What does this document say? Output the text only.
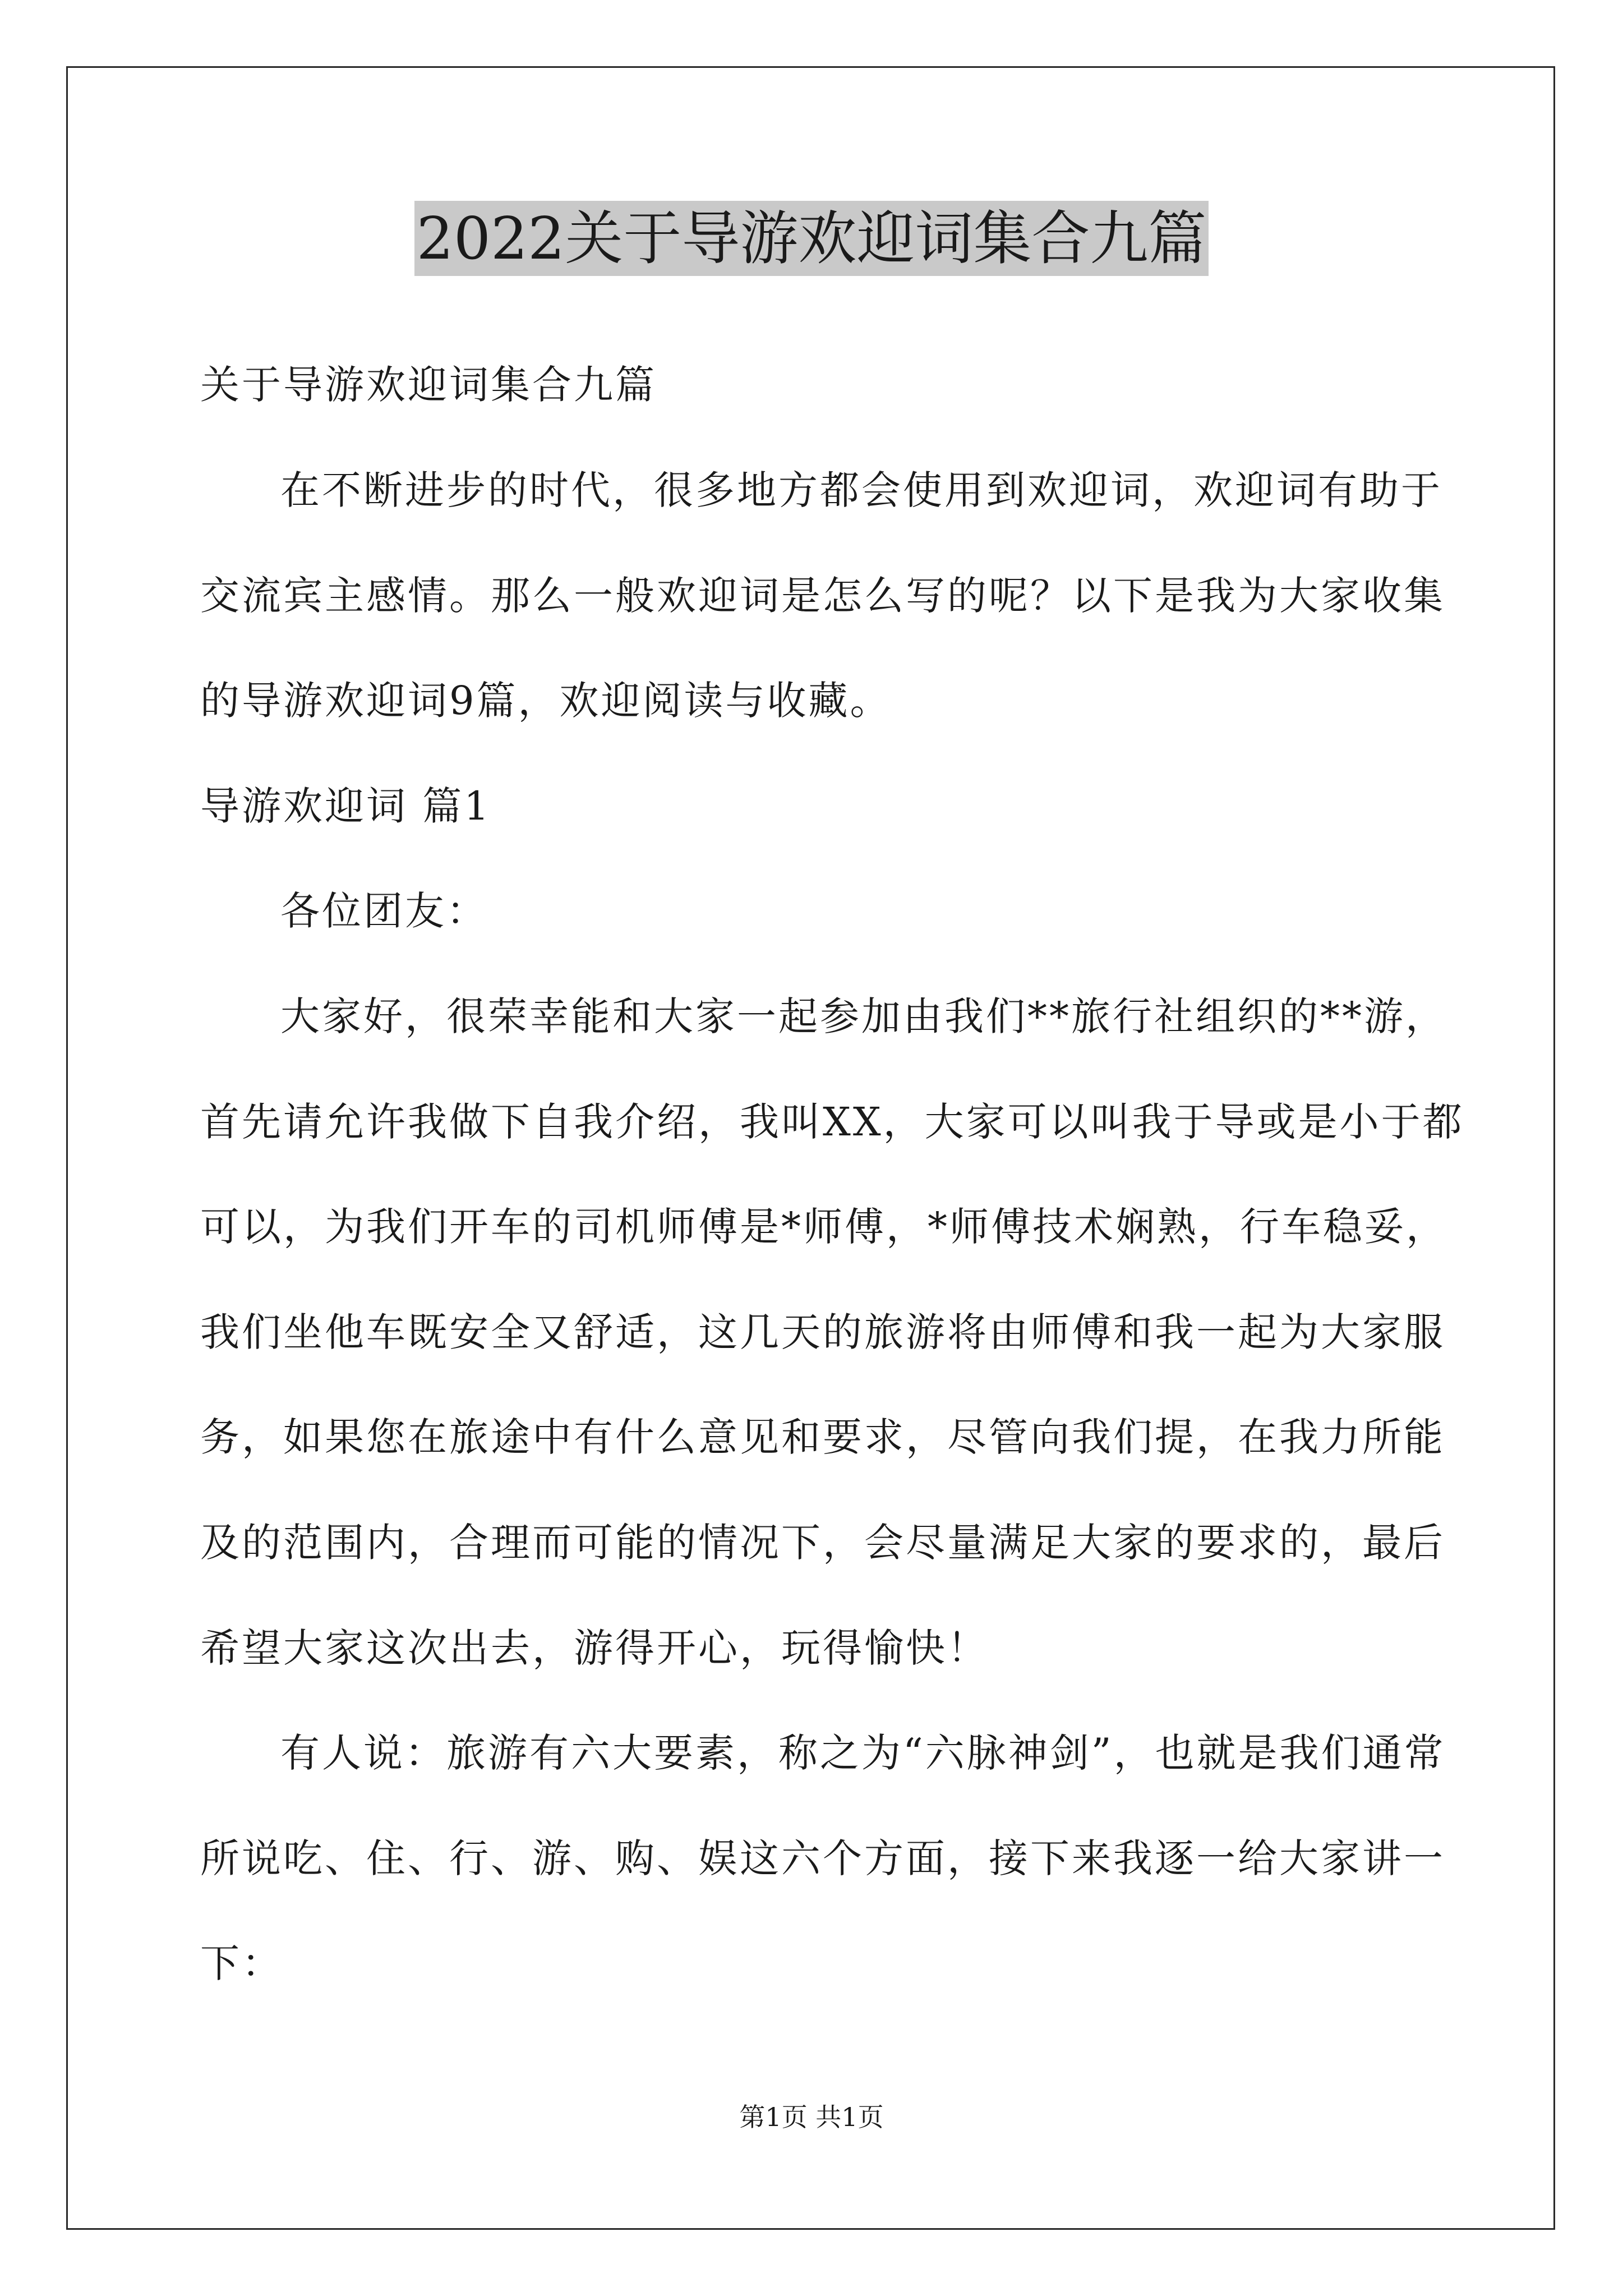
2022关于导游欢迎词集合九篇
关于导游欢迎词集合九篇
在不断进步的时代，很多地方都会使用到欢迎词，欢迎词有助于
交流宾主感情。那么一般欢迎词是怎么写的呢？以下是我为大家收集
的导游欢迎词9篇，欢迎阅读与收藏。
导游欢迎词 篇1
各位团友：
大家好，很荣幸能和大家一起参加由我们**旅行社组织的**游，
首先请允许我做下自我介绍，我叫XX，大家可以叫我于导或是小于都
可以，为我们开车的司机师傅是*师傅，*师傅技术娴熟，行车稳妥，
我们坐他车既安全又舒适，这几天的旅游将由师傅和我一起为大家服
务，如果您在旅途中有什么意见和要求，尽管向我们提，在我力所能
及的范围内，合理而可能的情况下，会尽量满足大家的要求的，最后
希望大家这次出去，游得开心，玩得愉快！
有人说：旅游有六大要素，称之为“六脉神剑”，也就是我们通常
所说吃、住、行、游、购、娱这六个方面，接下来我逐一给大家讲一
下：
第1页 共1页
